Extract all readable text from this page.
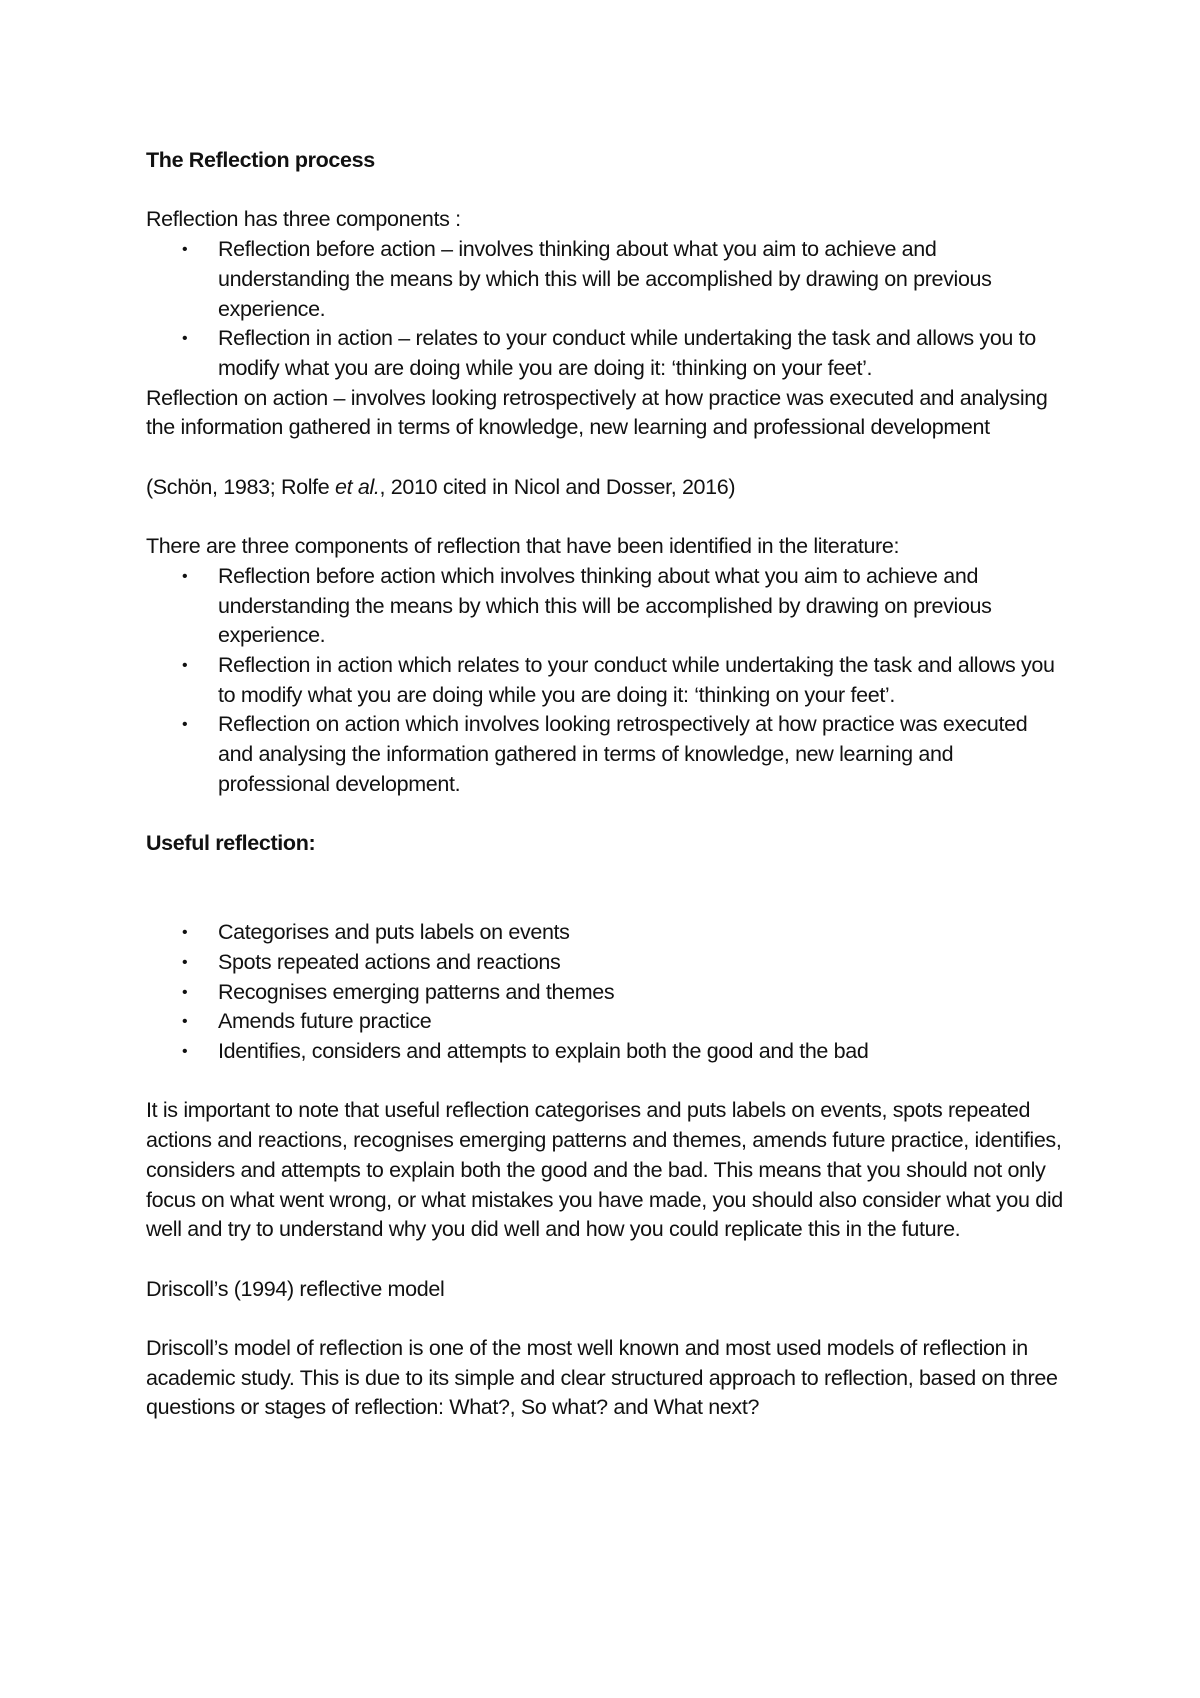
The Reflection process

Reflection has three components :

• Reflection before action – involves thinking about what you aim to achieve and understanding the means by which this will be accomplished by drawing on previous experience.
• Reflection in action – relates to your conduct while undertaking the task and allows you to modify what you are doing while you are doing it: ‘thinking on your feet’.

Reflection on action – involves looking retrospectively at how practice was executed and analysing the information gathered in terms of knowledge, new learning and professional development

(Schön, 1983; Rolfe et al., 2010 cited in Nicol and Dosser, 2016)

There are three components of reflection that have been identified in the literature:

• Reflection before action which involves thinking about what you aim to achieve and understanding the means by which this will be accomplished by drawing on previous experience.
• Reflection in action which relates to your conduct while undertaking the task and allows you to modify what you are doing while you are doing it: ‘thinking on your feet’.
• Reflection on action which involves looking retrospectively at how practice was executed and analysing the information gathered in terms of knowledge, new learning and professional development.

Useful reflection:

• Categorises and puts labels on events
• Spots repeated actions and reactions
• Recognises emerging patterns and themes
• Amends future practice
• Identifies, considers and attempts to explain both the good and the bad

It is important to note that useful reflection categorises and puts labels on events, spots repeated actions and reactions, recognises emerging patterns and themes, amends future practice, identifies, considers and attempts to explain both the good and the bad. This means that you should not only focus on what went wrong, or what mistakes you have made, you should also consider what you did well and try to understand why you did well and how you could replicate this in the future.

Driscoll’s (1994) reflective model

Driscoll’s model of reflection is one of the most well known and most used models of reflection in academic study. This is due to its simple and clear structured approach to reflection, based on three questions or stages of reflection: What?, So what? and What next?
